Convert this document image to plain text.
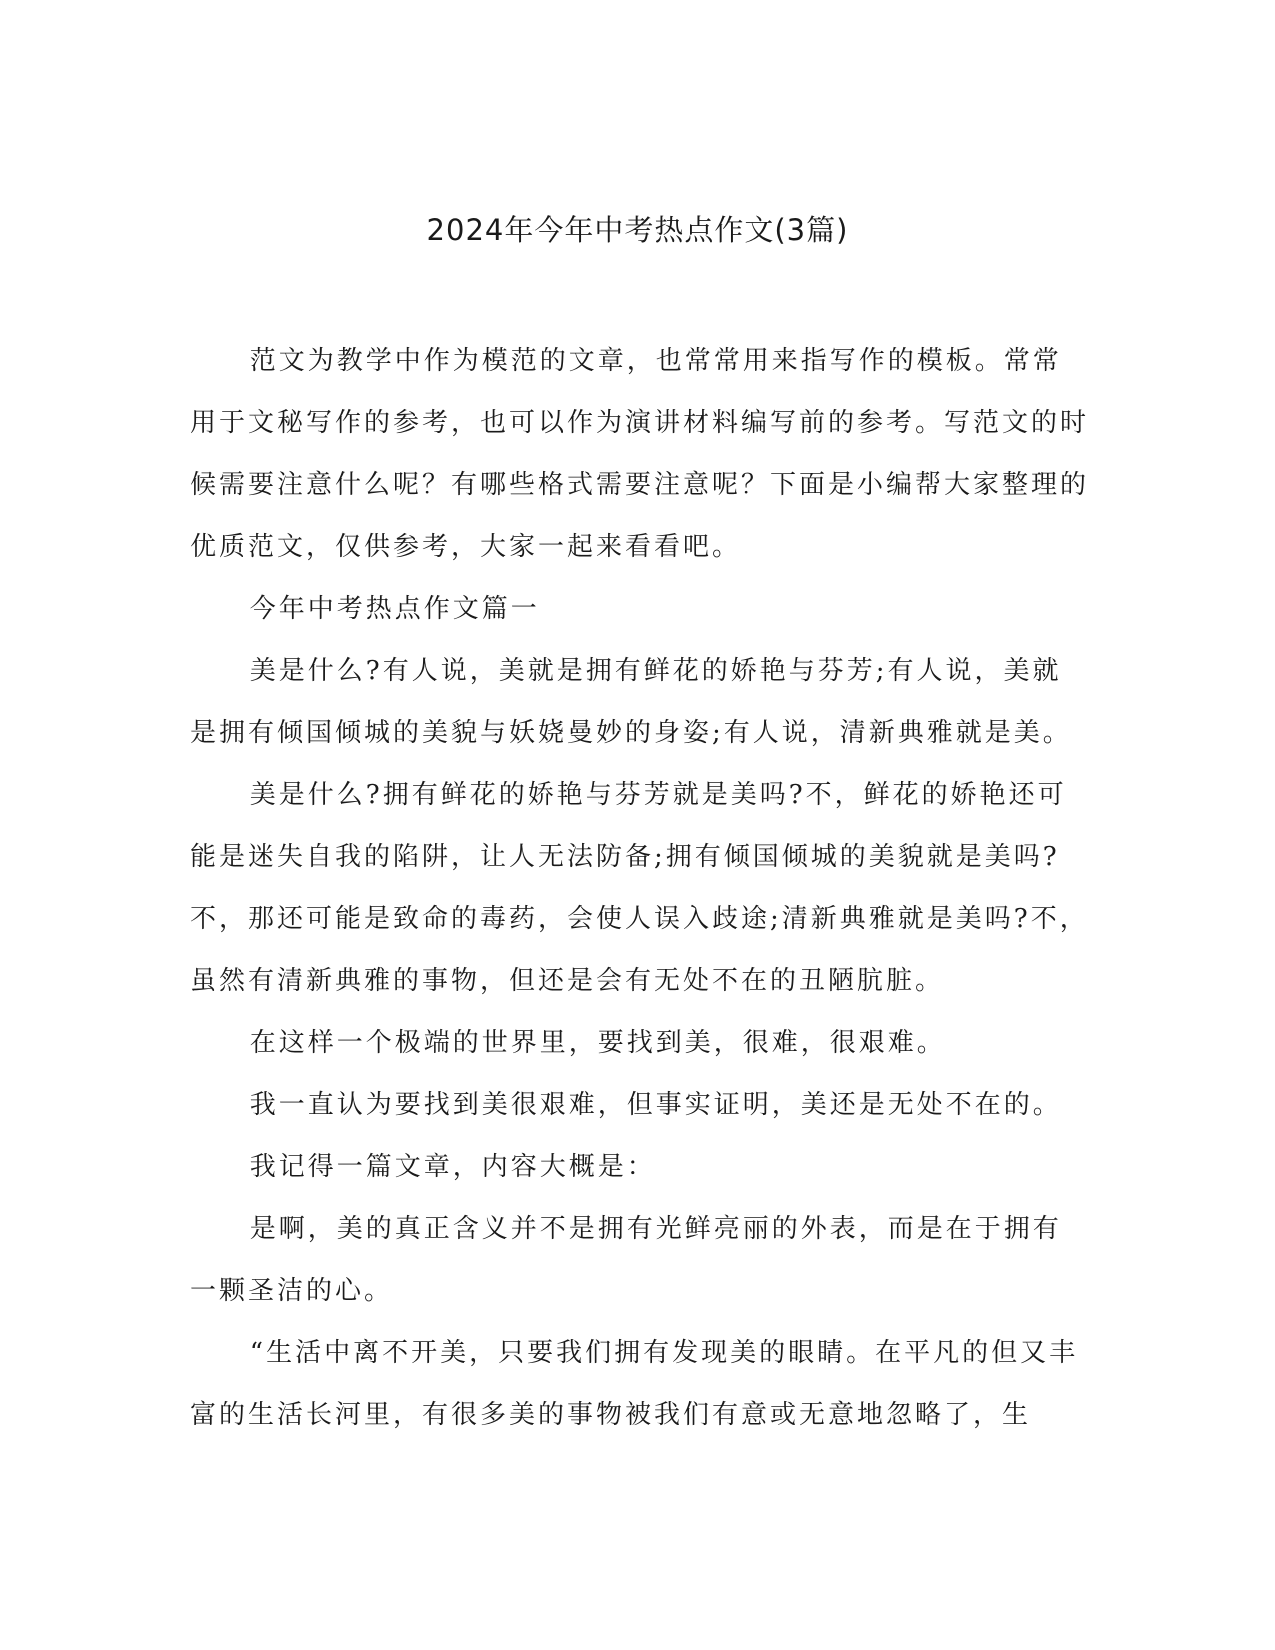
2024年今年中考热点作文(3篇)

范文为教学中作为模范的文章，也常常用来指写作的模板。常常用于文秘写作的参考，也可以作为演讲材料编写前的参考。写范文的时候需要注意什么呢？有哪些格式需要注意呢？下面是小编帮大家整理的优质范文，仅供参考，大家一起来看看吧。

今年中考热点作文篇一

美是什么?有人说，美就是拥有鲜花的娇艳与芬芳;有人说，美就是拥有倾国倾城的美貌与妖娆曼妙的身姿;有人说，清新典雅就是美。

美是什么?拥有鲜花的娇艳与芬芳就是美吗?不，鲜花的娇艳还可能是迷失自我的陷阱，让人无法防备;拥有倾国倾城的美貌就是美吗?不，那还可能是致命的毒药，会使人误入歧途;清新典雅就是美吗?不，虽然有清新典雅的事物，但还是会有无处不在的丑陋肮脏。

在这样一个极端的世界里，要找到美，很难，很艰难。

我一直认为要找到美很艰难，但事实证明，美还是无处不在的。

我记得一篇文章，内容大概是：

是啊，美的真正含义并不是拥有光鲜亮丽的外表，而是在于拥有一颗圣洁的心。

“生活中离不开美，只要我们拥有发现美的眼睛。在平凡的但又丰富的生活长河里，有很多美的事物被我们有意或无意地忽略了，生
